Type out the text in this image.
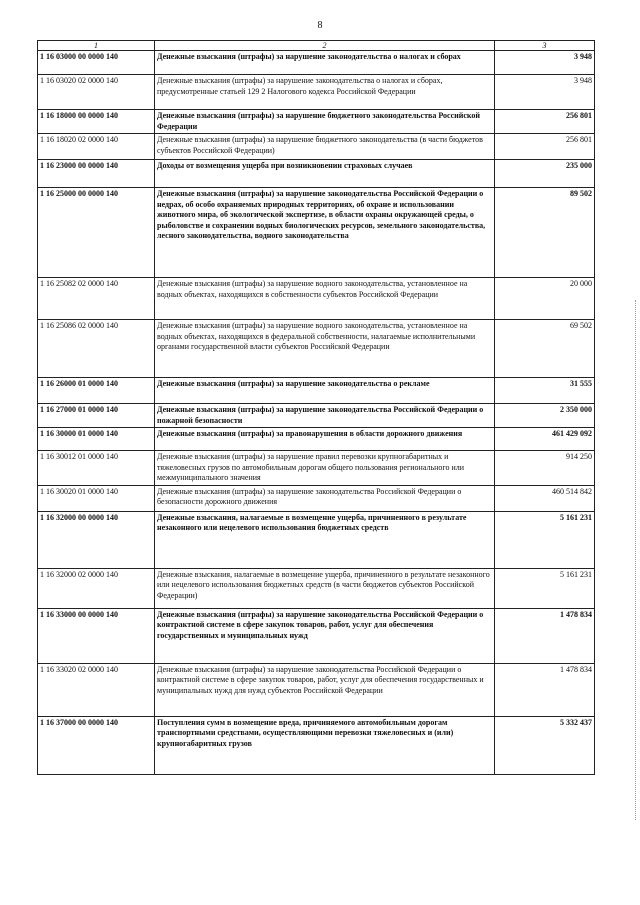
8
1	2	3
1 16 03000 00 0000 140	Денежные взыскания (штрафы) за нарушение законодательства о налогах и сборах	3 948
1 16 03020 02 0000 140	Денежные взыскания (штрафы) за нарушение законодательства о налогах и сборах, предусмотренные статьей 129 2 Налогового кодекса Российской Федерации	3 948
1 16 18000 00 0000 140	Денежные взыскания (штрафы) за нарушение бюджетного законодательства Российской Федерации	256 801
1 16 18020 02 0000 140	Денежные взыскания (штрафы) за нарушение бюджетного законодательства (в части бюджетов субъектов Российской Федерации)	256 801
1 16 23000 00 0000 140	Доходы от возмещения ущерба при возникновении страховых случаев	235 000
1 16 25000 00 0000 140	Денежные взыскания (штрафы) за нарушение законодательства Российской Федерации о недрах, об особо охраняемых природных территориях, об охране и использовании животного мира, об экологической экспертизе, в области охраны окружающей среды, о рыболовстве и сохранении водных биологических ресурсов, земельного законодательства, лесного законодательства, водного законодательства	89 502
1 16 25082 02 0000 140	Денежные взыскания (штрафы) за нарушение водного законодательства, установленное на водных объектах, находящихся в собственности субъектов Российской Федерации	20 000
1 16 25086 02 0000 140	Денежные взыскания (штрафы) за нарушение водного законодательства, установленное на водных объектах, находящихся в федеральной собственности, налагаемые исполнительными органами государственной власти субъектов Российской Федерации	69 502
1 16 26000 01 0000 140	Денежные взыскания (штрафы) за нарушение законодательства о рекламе	31 555
1 16 27000 01 0000 140	Денежные взыскания (штрафы) за нарушение законодательства Российской Федерации о пожарной безопасности	2 350 000
1 16 30000 01 0000 140	Денежные взыскания (штрафы) за правонарушения в области дорожного движения	461 429 092
1 16 30012 01 0000 140	Денежные взыскания (штрафы) за нарушение правил перевозки крупногабаритных и тяжеловесных грузов по автомобильным дорогам общего пользования регионального или межмуниципального значения	914 250
1 16 30020 01 0000 140	Денежные взыскания (штрафы) за нарушение законодательства Российской Федерации о безопасности дорожного движения	460 514 842
1 16 32000 00 0000 140	Денежные взыскания, налагаемые в возмещение ущерба, причиненного в результате незаконного или нецелевого использования бюджетных средств	5 161 231
1 16 32000 02 0000 140	Денежные взыскания, налагаемые в возмещение ущерба, причиненного в результате незаконного или нецелевого использования бюджетных средств (в части бюджетов субъектов Российской Федерации)	5 161 231
1 16 33000 00 0000 140	Денежные взыскания (штрафы) за нарушение законодательства Российской Федерации о контрактной системе в сфере закупок товаров, работ, услуг для обеспечения государственных и муниципальных нужд	1 478 834
1 16 33020 02 0000 140	Денежные взыскания (штрафы) за нарушение законодательства Российской Федерации о контрактной системе в сфере закупок товаров, работ, услуг для обеспечения государственных и муниципальных нужд для нужд субъектов Российской Федерации	1 478 834
1 16 37000 00 0000 140	Поступления сумм в возмещение вреда, причиняемого автомобильным дорогам транспортными средствами, осуществляющими перевозки тяжеловесных и (или) крупногабаритных грузов	5 332 437
